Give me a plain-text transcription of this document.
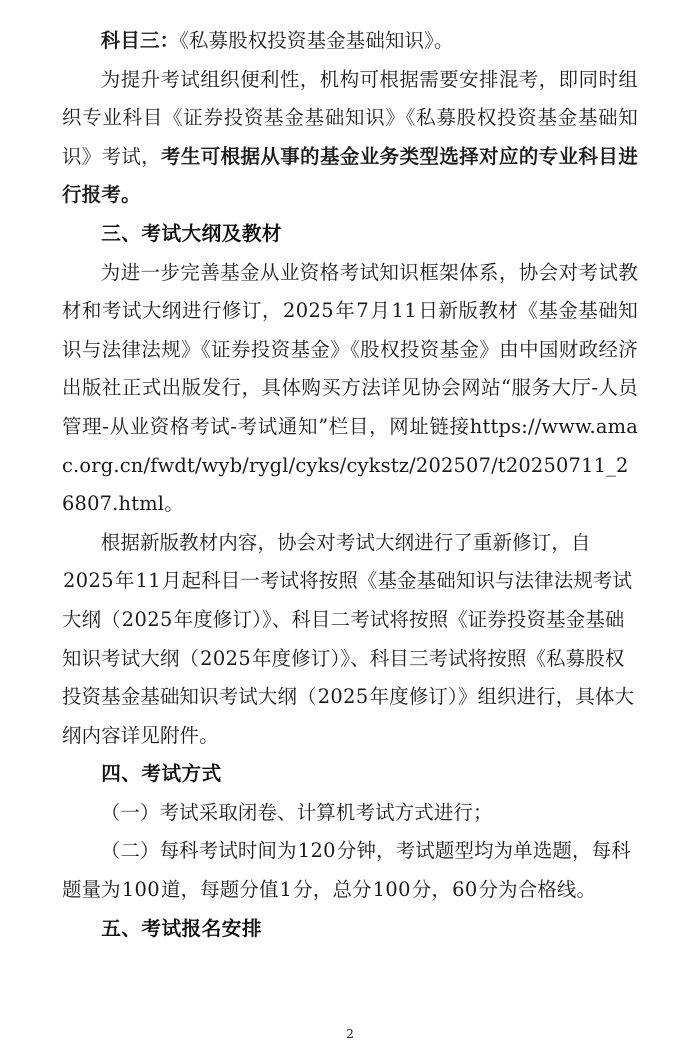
科目三：《私募股权投资基金基础知识》。

为提升考试组织便利性，机构可根据需要安排混考，即同时组织专业科目《证券投资基金基础知识》《私募股权投资基金基础知识》考试，考生可根据从事的基金业务类型选择对应的专业科目进行报考。

三、考试大纲及教材

为进一步完善基金从业资格考试知识框架体系，协会对考试教材和考试大纲进行修订，2025年7月11日新版教材《基金基础知识与法律法规》《证券投资基金》《股权投资基金》由中国财政经济出版社正式出版发行，具体购买方法详见协会网站“服务大厅-人员管理-从业资格考试-考试通知”栏目，网址链接https://www.amac.org.cn/fwdt/wyb/rygl/cyks/cykstz/202507/t20250711_26807.html。

根据新版教材内容，协会对考试大纲进行了重新修订，自2025年11月起科目一考试将按照《基金基础知识与法律法规考试大纲（2025年度修订）》、科目二考试将按照《证券投资基金基础知识考试大纲（2025年度修订）》、科目三考试将按照《私募股权投资基金基础知识考试大纲（2025年度修订）》组织进行，具体大纲内容详见附件。

四、考试方式

（一）考试采取闭卷、计算机考试方式进行；

（二）每科考试时间为120分钟，考试题型均为单选题，每科题量为100道，每题分值1分，总分100分，60分为合格线。

五、考试报名安排

2
